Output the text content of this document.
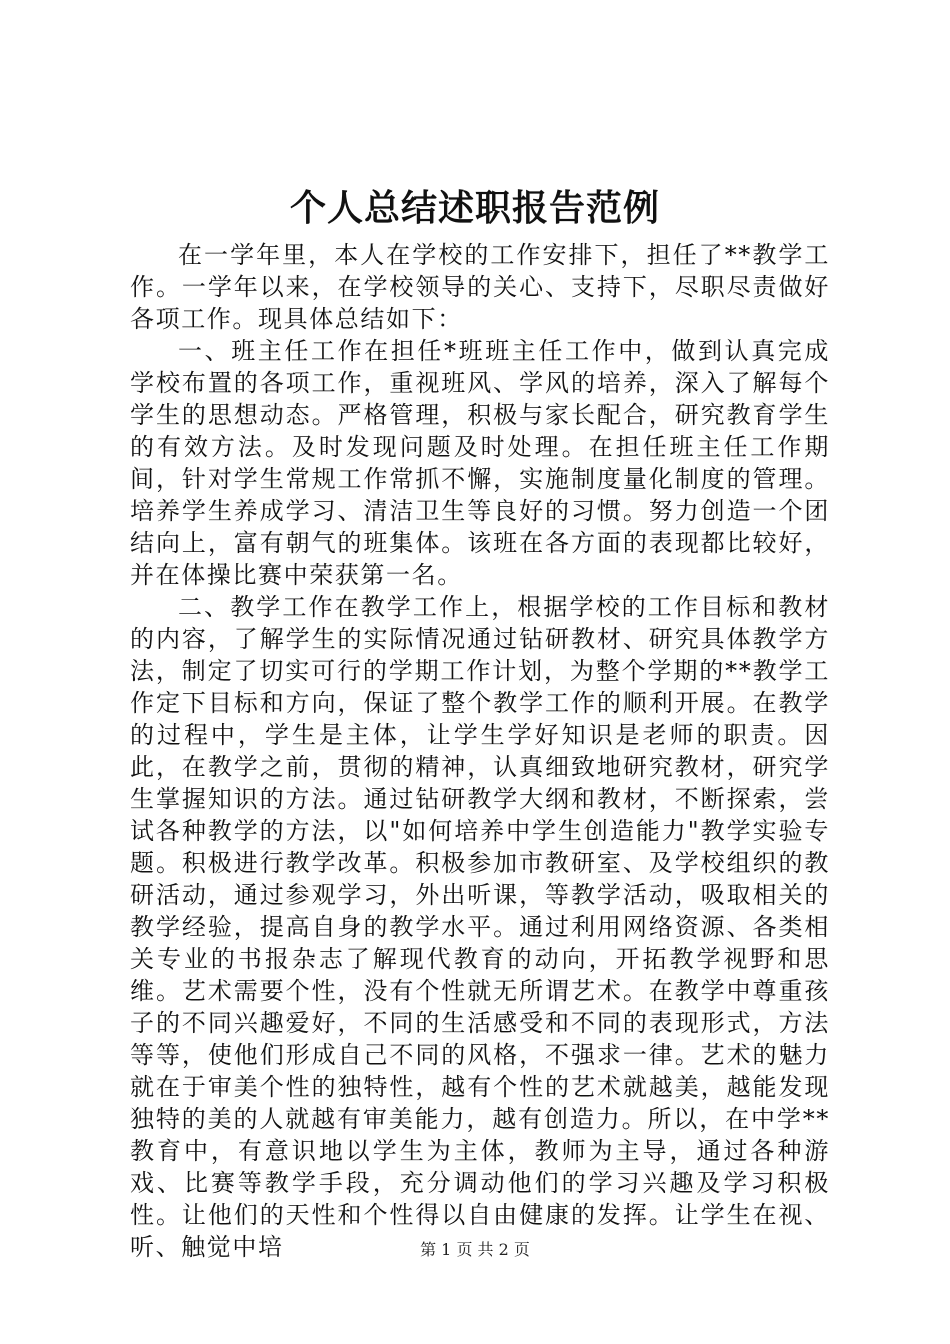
个人总结述职报告范例

在一学年里，本人在学校的工作安排下，担任了**教学工作。一学年以来，在学校领导的关心、支持下，尽职尽责做好各项工作。现具体总结如下：

一、班主任工作在担任*班班主任工作中，做到认真完成学校布置的各项工作，重视班风、学风的培养，深入了解每个学生的思想动态。严格管理，积极与家长配合，研究教育学生的有效方法。及时发现问题及时处理。在担任班主任工作期间，针对学生常规工作常抓不懈，实施制度量化制度的管理。培养学生养成学习、清洁卫生等良好的习惯。努力创造一个团结向上，富有朝气的班集体。该班在各方面的表现都比较好，并在体操比赛中荣获第一名。

二、教学工作在教学工作上，根据学校的工作目标和教材的内容，了解学生的实际情况通过钻研教材、研究具体教学方法，制定了切实可行的学期工作计划，为整个学期的**教学工作定下目标和方向，保证了整个教学工作的顺利开展。在教学的过程中，学生是主体，让学生学好知识是老师的职责。因此，在教学之前，贯彻的精神，认真细致地研究教材，研究学生掌握知识的方法。通过钻研教学大纲和教材，不断探索，尝试各种教学的方法，以"如何培养中学生创造能力"教学实验专题。积极进行教学改革。积极参加市教研室、及学校组织的教研活动，通过参观学习，外出听课，等教学活动，吸取相关的教学经验，提高自身的教学水平。通过利用网络资源、各类相关专业的书报杂志了解现代教育的动向，开拓教学视野和思维。艺术需要个性，没有个性就无所谓艺术。在教学中尊重孩子的不同兴趣爱好，不同的生活感受和不同的表现形式，方法等等，使他们形成自己不同的风格，不强求一律。艺术的魅力就在于审美个性的独特性，越有个性的艺术就越美，越能发现独特的美的人就越有审美能力，越有创造力。所以，在中学**教育中，有意识地以学生为主体，教师为主导，通过各种游戏、比赛等教学手段，充分调动他们的学习兴趣及学习积极性。让他们的天性和个性得以自由健康的发挥。让学生在视、听、触觉中培	第 1 页 共 2 页
